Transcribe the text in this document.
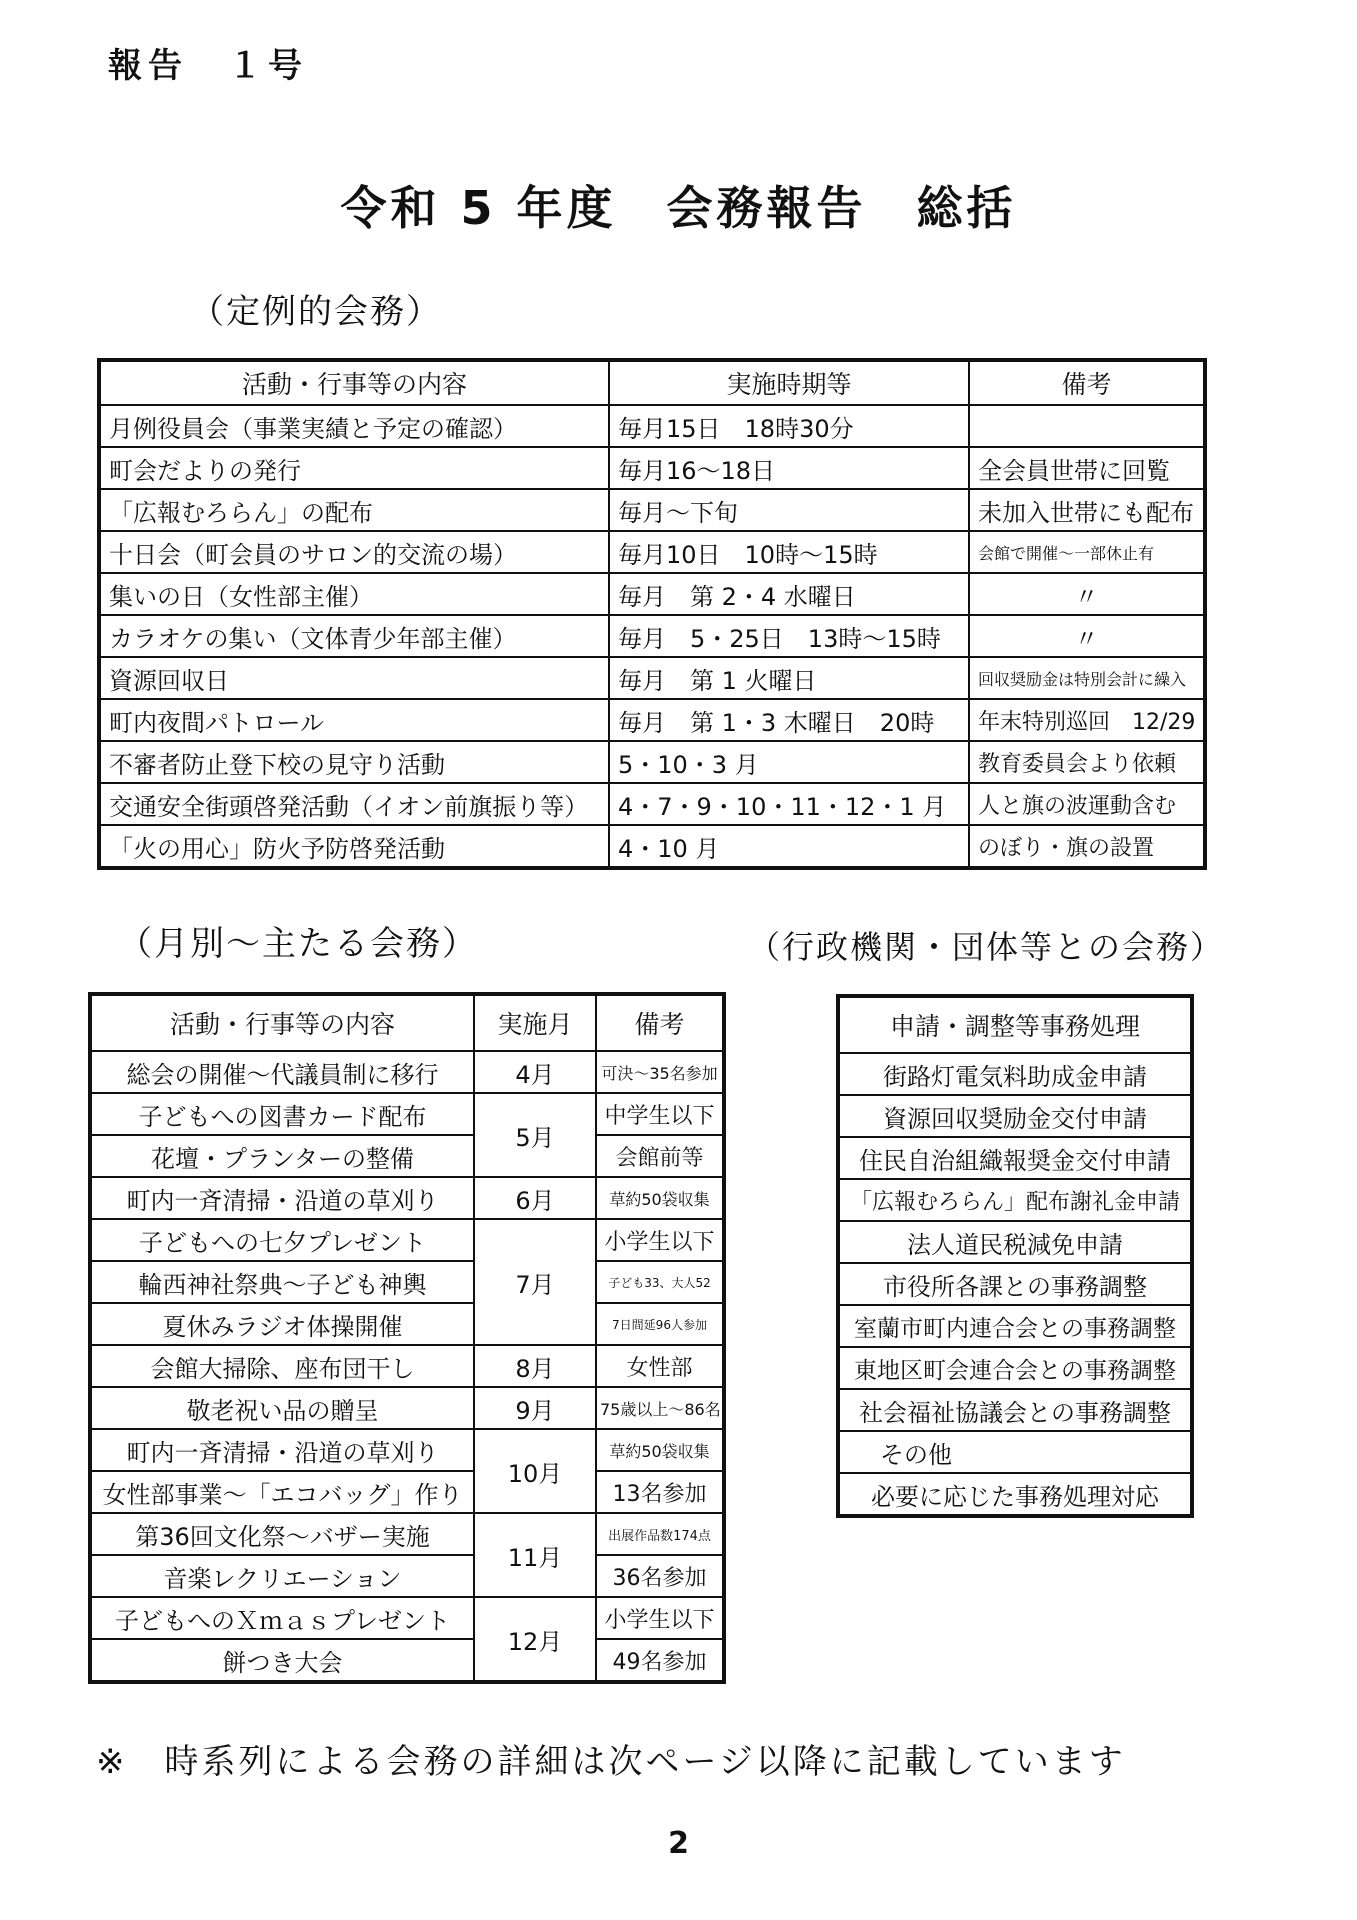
報告　１号
令和 5 年度　会務報告　総括
（定例的会務）
活動・行事等の内容	実施時期等	備考
月例役員会（事業実績と予定の確認）	毎月15日　18時30分	
町会だよりの発行	毎月16～18日	全会員世帯に回覧
「広報むろらん」の配布	毎月～下旬	未加入世帯にも配布
十日会（町会員のサロン的交流の場）	毎月10日　10時～15時	会館で開催～一部休止有
集いの日（女性部主催）	毎月　第 2・4 水曜日	〃
カラオケの集い（文体青少年部主催）	毎月　5・25日　13時～15時	〃
資源回収日	毎月　第 1 火曜日	回収奨励金は特別会計に繰入
町内夜間パトロール	毎月　第 1・3 木曜日　20時	年末特別巡回　12/29
不審者防止登下校の見守り活動	5・10・3 月	教育委員会より依頼
交通安全街頭啓発活動（イオン前旗振り等）	4・7・9・10・11・12・1 月	人と旗の波運動含む
「火の用心」防火予防啓発活動	4・10 月	のぼり・旗の設置
（月別～主たる会務）	（行政機関・団体等との会務）
活動・行事等の内容	実施月	備考
総会の開催～代議員制に移行	4月	可決～35名参加
子どもへの図書カード配布	5月	中学生以下
花壇・プランターの整備		会館前等
町内一斉清掃・沿道の草刈り	6月	草約50袋収集
子どもへの七夕プレゼント	7月	小学生以下
輪西神社祭典～子ども神輿		子ども33、大人52
夏休みラジオ体操開催		7日間延96人参加
会館大掃除、座布団干し	8月	女性部
敬老祝い品の贈呈	9月	75歳以上～86名
町内一斉清掃・沿道の草刈り	10月	草約50袋収集
女性部事業～「エコバッグ」作り		13名参加
第36回文化祭～バザー実施	11月	出展作品数174点
音楽レクリエーション		36名参加
子どもへのＸｍａｓプレゼント	12月	小学生以下
餅つき大会		49名参加
申請・調整等事務処理
街路灯電気料助成金申請
資源回収奨励金交付申請
住民自治組織報奨金交付申請
「広報むろらん」配布謝礼金申請
法人道民税減免申請
市役所各課との事務調整
室蘭市町内連合会との事務調整
東地区町会連合会との事務調整
社会福祉協議会との事務調整
その他
必要に応じた事務処理対応
※　時系列による会務の詳細は次ページ以降に記載しています
2
